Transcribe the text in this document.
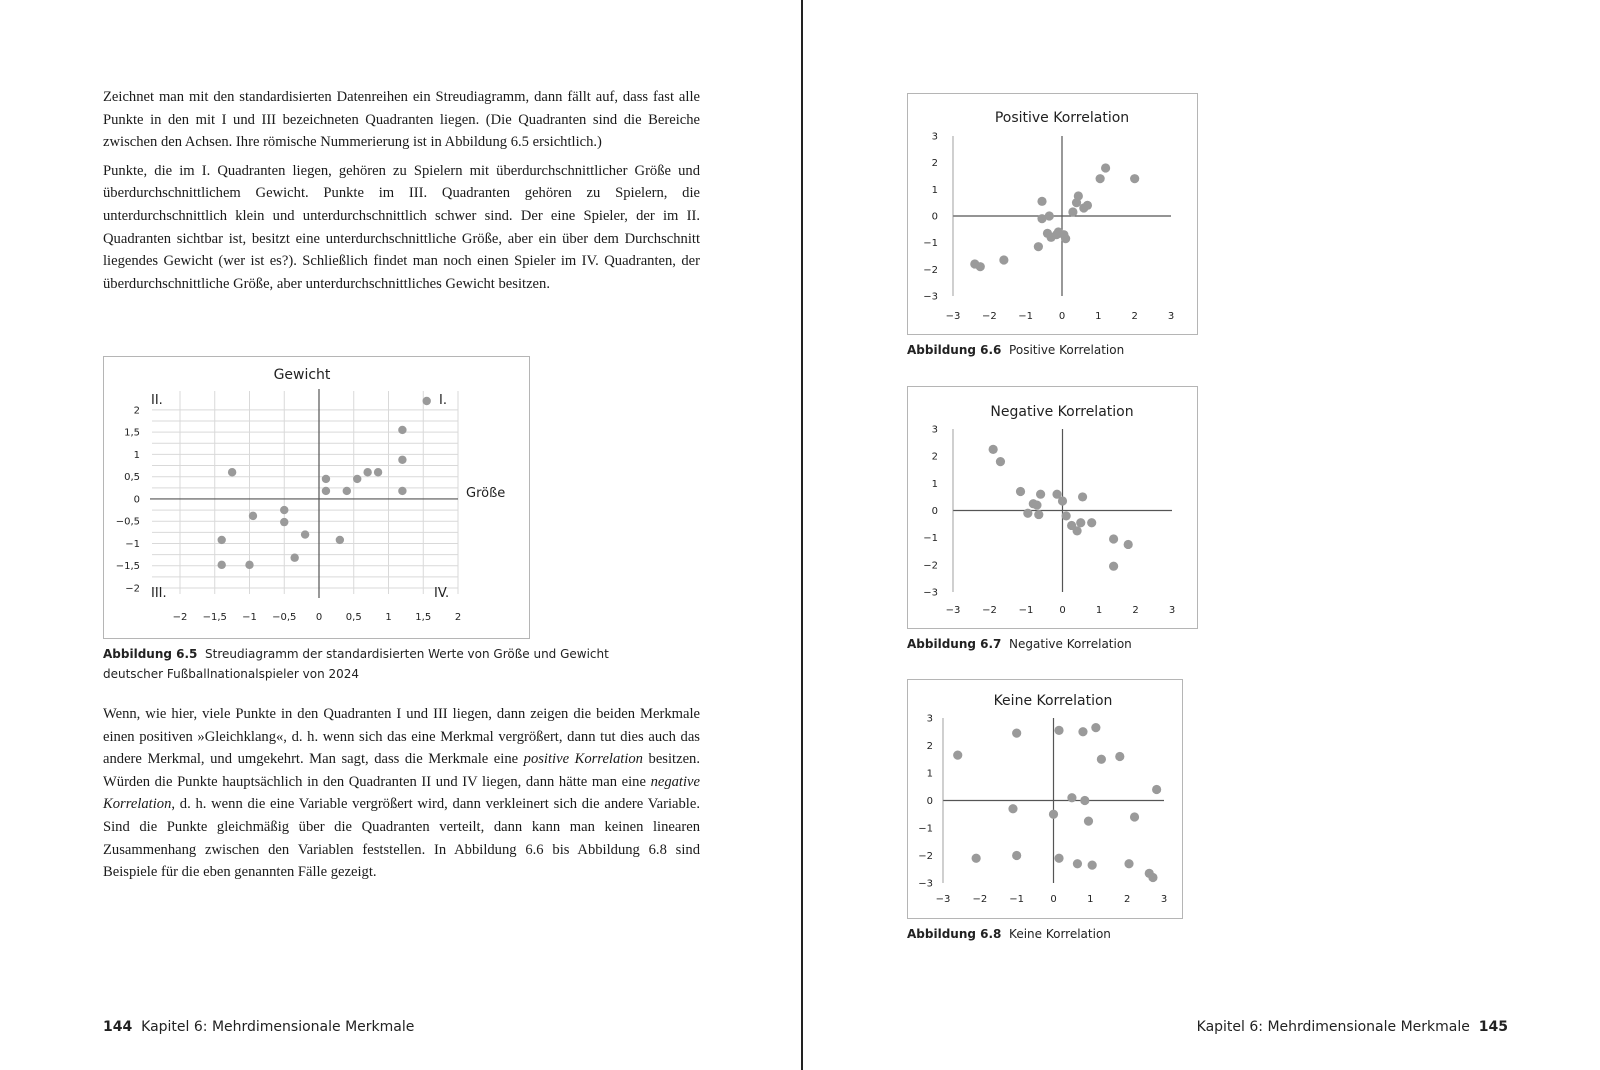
Zeichnet man mit den standardisierten Datenreihen ein Streudiagramm, dann fällt auf, dass fast alle Punkte in den mit I und III bezeichneten Quadranten liegen. (Die Quadranten sind die Bereiche zwischen den Achsen. Ihre römische Nummerierung ist in Abbildung 6.5 ersichtlich.)

Punkte, die im I. Quadranten liegen, gehören zu Spielern mit überdurchschnittlicher Größe und überdurchschnittlichem Gewicht. Punkte im III. Quadranten gehören zu Spielern, die unterdurchschnittlich klein und unterdurchschnittlich schwer sind. Der eine Spieler, der im II. Quadranten sichtbar ist, besitzt eine unterdurchschnittliche Größe, aber ein über dem Durchschnitt liegendes Gewicht (wer ist es?). Schließlich findet man noch einen Spieler im IV. Quadranten, der überdurchschnittliche Größe, aber unterdurchschnittliches Gewicht besitzen.

Gewicht
Größe
−2 −1,5 −1 −0,5 0 0,5 1 1,5 2
2
1,5
1
0,5
0
−0,5
−1
−1,5
−2
I.
II.
III.	IV.
Abbildung 6.5 Streudiagramm der standardisierten Werte von Größe und Gewicht deutscher Fußballnationalspieler von 2024

Wenn, wie hier, viele Punkte in den Quadranten I und III liegen, dann zeigen die beiden Merkmale einen positiven »Gleichklang«, d. h. wenn sich das eine Merkmal vergrößert, dann tut dies auch das andere Merkmal, und umgekehrt. Man sagt, dass die Merkmale eine positive Korrelation besitzen. Würden die Punkte hauptsächlich in den Quadranten II und IV liegen, dann hätte man eine negative Korrelation, d. h. wenn die eine Variable vergrößert wird, dann verkleinert sich die andere Variable. Sind die Punkte gleichmäßig über die Quadranten verteilt, dann kann man keinen linearen Zusammenhang zwischen den Variablen feststellen. In Abbildung 6.6 bis Abbildung 6.8 sind Beispiele für die eben genannten Fälle gezeigt.

144 Kapitel 6: Mehrdimensionale Merkmale
Positive Korrelation
−3 −2 −1	0	1	2	3
3
2
1
0
−1
−2
−3
Abbildung 6.6 Positive Korrelation
Negative Korrelation
−3 −2 −1	0	1	2	3
3
2
1
0
−1
−2
−3
Abbildung 6.7 Negative Korrelation
Keine Korrelation
−3 −2 −1	0	1	2	3
3
2
1
0
−1
−2
−3
Abbildung 6.8 Keine Korrelation
Kapitel 6: Mehrdimensionale Merkmale 145
